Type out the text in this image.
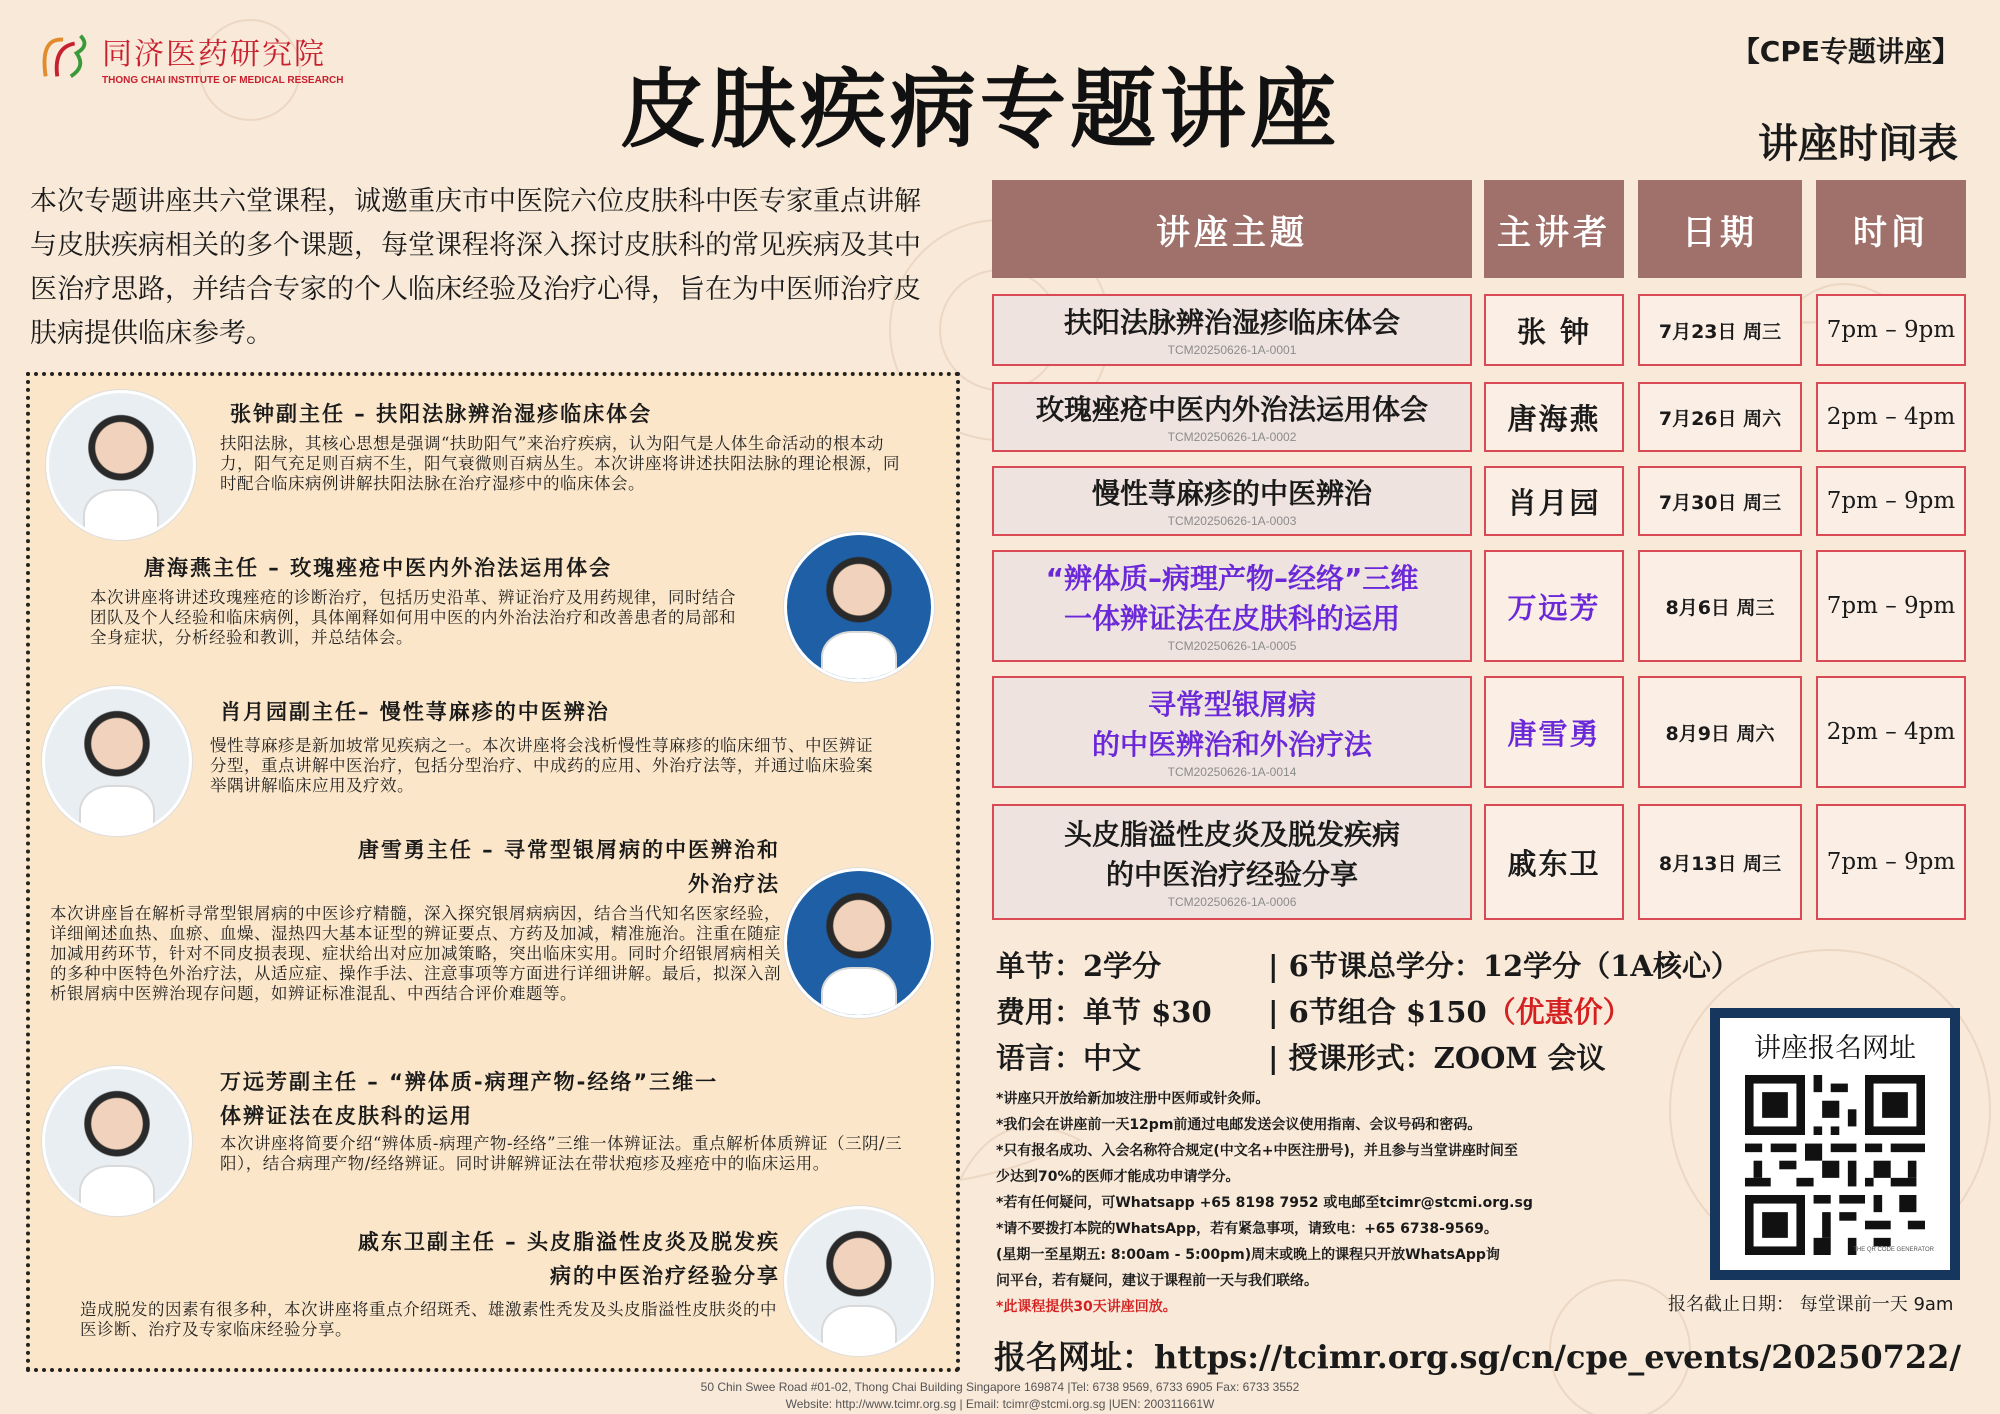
同济医药研究院
THONG CHAI INSTITUTE OF MEDICAL RESEARCH	皮肤疾病专题讲座
【CPE专题讲座】
讲座时间表
本次专题讲座共六堂课程，诚邀重庆市中医院六位皮肤科中医专家重点讲解与皮肤疾病相关的多个课题，每堂课程将深入探讨皮肤科的常见疾病及其中医治疗思路，并结合专家的个人临床经验及治疗心得，旨在为中医师治疗皮肤病提供临床参考。
张钟副主任 – 扶阳法脉辨治湿疹临床体会
扶阳法脉，其核心思想是强调“扶助阳气”来治疗疾病，认为阳气是人体生命活动的根本动力，阳气充足则百病不生，阳气衰微则百病丛生。本次讲座将讲述扶阳法脉的理论根源，同时配合临床病例讲解扶阳法脉在治疗湿疹中的临床体会。
唐海燕主任 – 玫瑰痤疮中医内外治法运用体会
本次讲座将讲述玫瑰痤疮的诊断治疗，包括历史沿革、辨证治疗及用药规律，同时结合团队及个人经验和临床病例，具体阐释如何用中医的内外治法治疗和改善患者的局部和全身症状，分析经验和教训，并总结体会。
肖月园副主任– 慢性荨麻疹的中医辨治
慢性荨麻疹是新加坡常见疾病之一。本次讲座将会浅析慢性荨麻疹的临床细节、中医辨证分型，重点讲解中医治疗，包括分型治疗、中成药的应用、外治疗法等，并通过临床验案举隅讲解临床应用及疗效。
唐雪勇主任 – 寻常型银屑病的中医辨治和
外治疗法
本次讲座旨在解析寻常型银屑病的中医诊疗精髓，深入探究银屑病病因，结合当代知名医家经验，详细阐述血热、血瘀、血燥、湿热四大基本证型的辨证要点、方药及加减，精准施治。注重在随症加减用药环节，针对不同皮损表现、症状给出对应加减策略，突出临床实用。同时介绍银屑病相关的多种中医特色外治疗法，从适应症、操作手法、注意事项等方面进行详细讲解。最后，拟深入剖析银屑病中医辨治现存问题，如辨证标准混乱、中西结合评价难题等。
万远芳副主任 – “辨体质-病理产物-经络”三维一
体辨证法在皮肤科的运用
本次讲座将简要介绍“辨体质-病理产物-经络”三维一体辨证法。重点解析体质辨证（三阴/三阳），结合病理产物/经络辨证。同时讲解辨证法在带状疱疹及痤疮中的临床运用。
戚东卫副主任 – 头皮脂溢性皮炎及脱发疾
病的中医治疗经验分享
造成脱发的因素有很多种，本次讲座将重点介绍斑秃、雄激素性秃发及头皮脂溢性皮肤炎的中医诊断、治疗及专家临床经验分享。
讲座主题	主讲者	日期	时间
扶阳法脉辨治湿疹临床体会
TCM20250626-1A-0001
张 钟	7月23日 周三 7pm – 9pm
玫瑰痤疮中医内外治法运用体会
TCM20250626-1A-0002
唐海燕	7月26日 周六 2pm – 4pm
慢性荨麻疹的中医辨治
TCM20250626-1A-0003
肖月园	7月30日 周三 7pm – 9pm
“辨体质–病理产物–经络”三维
一体辨证法在皮肤科的运用
TCM20250626-1A-0005
万远芳	8月6日 周三 7pm – 9pm
寻常型银屑病
的中医辨治和外治疗法
TCM20250626-1A-0014
唐雪勇	8月9日 周六 2pm – 4pm
头皮脂溢性皮炎及脱发疾病
的中医治疗经验分享
TCM20250626-1A-0006
戚东卫	8月13日 周三 7pm – 9pm
单节：2学分	| 6节课总学分：12学分（1A核心）
费用：单节 $30 | 6节组合 $150（优惠价）
语言：中文	| 授课形式：ZOOM 会议
*讲座只开放给新加坡注册中医师或针灸师。
*我们会在讲座前一天12pm前通过电邮发送会议使用指南、会议号码和密码。
*只有报名成功、入会名称符合规定(中文名+中医注册号)，并且参与当堂讲座时间至
少达到70%的医师才能成功申请学分。
*若有任何疑问，可Whatsapp +65 8198 7952 或电邮至tcimr@stcmi.org.sg
*请不要拨打本院的WhatsApp，若有紧急事项，请致电：+65 6738-9569。
(星期一至星期五: 8:00am - 5:00pm)周末或晚上的课程只开放WhatsApp询
问平台，若有疑问，建议于课程前一天与我们联络。
*此课程提供30天讲座回放。
讲座报名网址
THE QR CODE GENERATOR
报名截止日期： 每堂课前一天 9am
报名网址：https://tcimr.org.sg/cn/cpe_events/20250722/
50 Chin Swee Road #01-02, Thong Chai Building Singapore 169874 |Tel: 6738 9569, 6733 6905 Fax: 6733 3552
Website: http://www.tcimr.org.sg | Email: tcimr@stcmi.org.sg |UEN: 200311661W
